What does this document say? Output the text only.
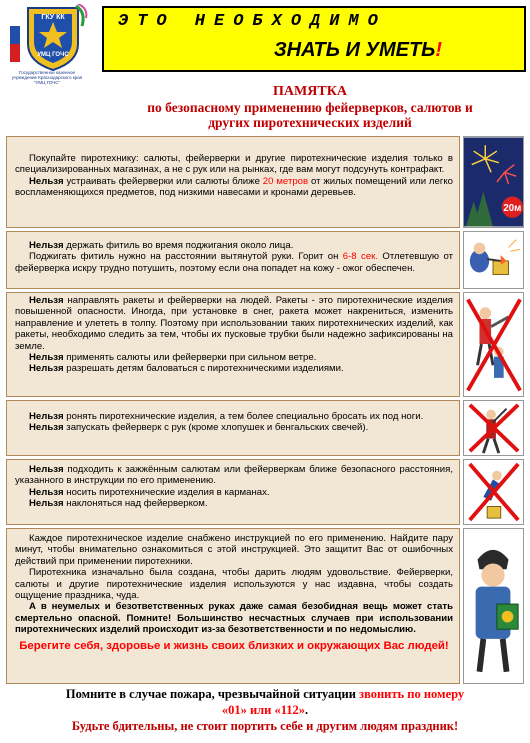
ГКУ КК
УМЦ ГОЧС
Государственное казенное учреждение Краснодарского края "УМЦ ГОЧС"
ЭТО НЕОБХОДИМО
ЗНАТЬ И УМЕТЬ!
ПАМЯТКА
по безопасному применению фейерверков, салютов и
других пиротехнических изделий

Покупайте пиротехнику: салюты, фейерверки и другие пиротехнические изделия только в специализированных магазинах, а не с рук или на рынках, где вам могут подсунуть контрафакт.

Нельзя устраивать фейерверки или салюты ближе 20 метров от жилых помещений или легко воспламеняющихся предметов, под низкими навесами и кронами деревьев.

20м

Нельзя держать фитиль во время поджигания около лица.

Поджигать фитиль нужно на расстоянии вытянутой руки. Горит он 6-8 сек. Отлетевшую от фейерверка искру трудно потушить, поэтому если она попадет на кожу - ожог обеспечен.

Нельзя направлять ракеты и фейерверки на людей. Ракеты - это пиротехнические изделия повышенной опасности. Иногда, при установке в снег, ракета может накрениться, изменить направление и улететь в толпу. Поэтому при использовании таких пиротехнических изделий, как ракеты, необходимо следить за тем, чтобы их пусковые трубки были надежно зафиксированы на земле.

Нельзя применять салюты или фейерверки при сильном ветре.

Нельзя разрешать детям баловаться с пиротехническими изделиями.

Нельзя ронять пиротехнические изделия, а тем более специально бросать их под ноги.

Нельзя запускать фейерверк с рук (кроме хлопушек и бенгальских свечей).

Нельзя подходить к зажжённым салютам или фейерверкам ближе безопасного расстояния, указанного в инструкции по его применению.

Нельзя носить пиротехнические изделия в карманах.

Нельзя наклоняться над фейерверком.

Каждое пиротехническое изделие снабжено инструкцией по его применению. Найдите пару минут, чтобы внимательно ознакомиться с этой инструкцией. Это защитит Вас от ошибочных действий при применении пиротехники.

Пиротехника изначально была создана, чтобы дарить людям удовольствие. Фейерверки, салюты и другие пиротехнические изделия используются у нас издавна, чтобы создать ощущение праздника, чуда.

А в неумелых и безответственных руках даже самая безобидная вещь может стать смертельно опасной. Помните! Большинство несчастных случаев при использовании пиротехнических изделий происходит из-за безответственности и по недомыслию.

Берегите себя, здоровье и жизнь своих близких и окружающих Вас людей!

Помните в случае пожара, чрезвычайной ситуации звонить по номеру
«01» или «112».
Будьте бдительны, не стоит портить себе и другим людям праздник!
